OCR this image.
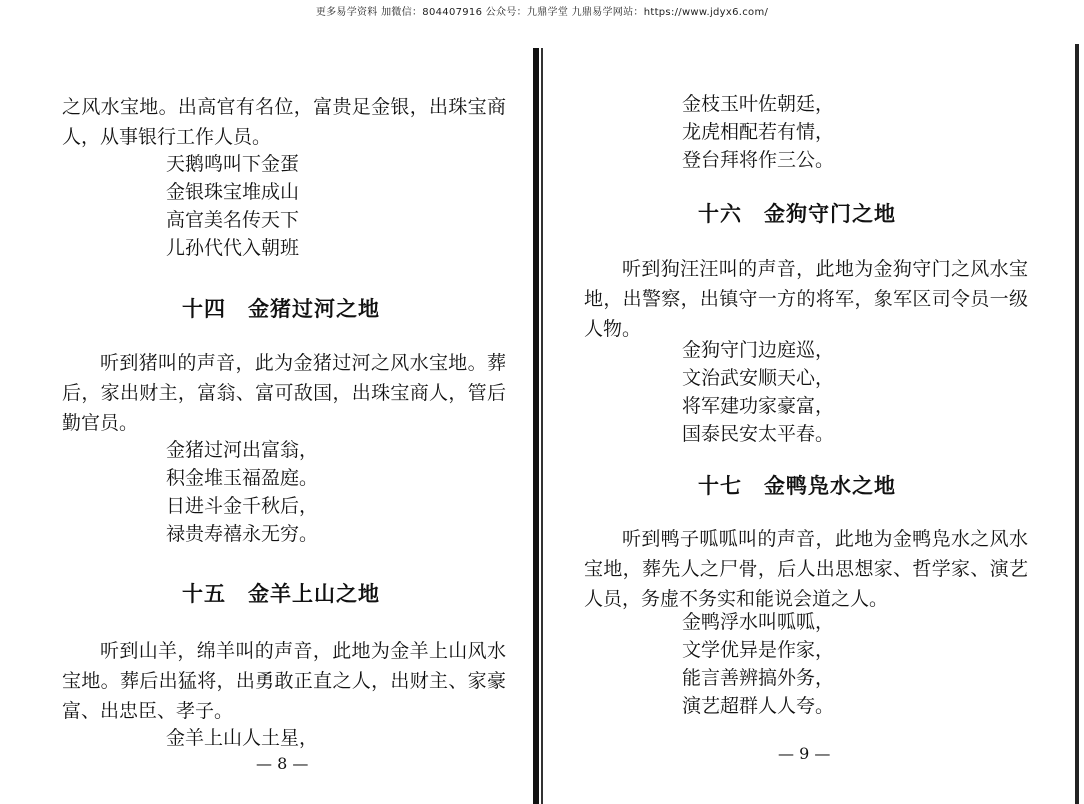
更多易学资料 加微信：804407916 公众号：九鼎学堂 九鼎易学网站：https://www.jdyx6.com/
之风水宝地。出高官有名位，富贵足金银，出珠宝商人，从事银行工作人员。
天鹅鸣叫下金蛋
金银珠宝堆成山
高官美名传天下
儿孙代代入朝班
十四　金猪过河之地
听到猪叫的声音，此为金猪过河之风水宝地。葬后，家出财主，富翁、富可敌国，出珠宝商人，管后勤官员。
金猪过河出富翁，
积金堆玉福盈庭。
日进斗金千秋后，
禄贵寿禧永无穷。
十五　金羊上山之地
听到山羊，绵羊叫的声音，此地为金羊上山风水宝地。葬后出猛将，出勇敢正直之人，出财主、家豪富、出忠臣、孝子。
金羊上山人土星，
— 8 —
金枝玉叶佐朝廷，
龙虎相配若有情，
登台拜将作三公。
十六　金狗守门之地
听到狗汪汪叫的声音，此地为金狗守门之风水宝地，出警察，出镇守一方的将军，象军区司令员一级人物。
金狗守门边庭巡，
文治武安顺天心，
将军建功家豪富，
国泰民安太平春。
十七　金鸭凫水之地
听到鸭子呱呱叫的声音，此地为金鸭凫水之风水宝地，葬先人之尸骨，后人出思想家、哲学家、演艺人员，务虚不务实和能说会道之人。
金鸭浮水叫呱呱，
文学优异是作家，
能言善辨搞外务，
演艺超群人人夸。
— 9 —
